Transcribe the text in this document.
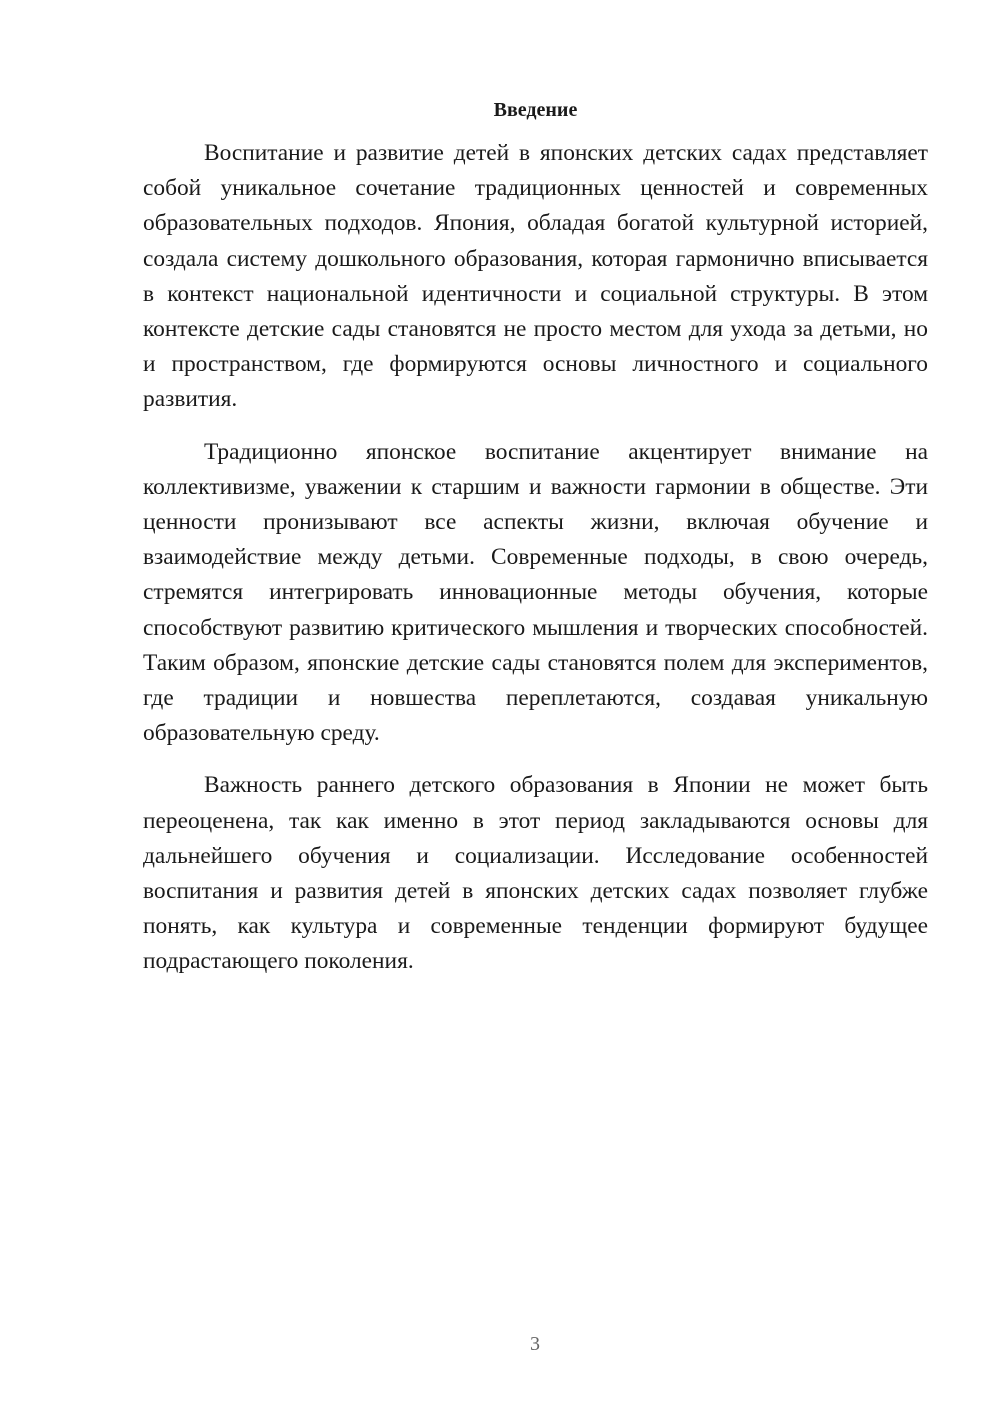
Введение

Воспитание и развитие детей в японских детских садах представляет собой уникальное сочетание традиционных ценностей и современных образовательных подходов. Япония, обладая богатой культурной историей, создала систему дошкольного образования, которая гармонично вписывается в контекст национальной идентичности и социальной структуры. В этом контексте детские сады становятся не просто местом для ухода за детьми, но и пространством, где формируются основы личностного и социального развития.

Традиционно японское воспитание акцентирует внимание на коллективизме, уважении к старшим и важности гармонии в обществе. Эти ценности пронизывают все аспекты жизни, включая обучение и взаимодействие между детьми. Современные подходы, в свою очередь, стремятся интегрировать инновационные методы обучения, которые способствуют развитию критического мышления и творческих способностей. Таким образом, японские детские сады становятся полем для экспериментов, где традиции и новшества переплетаются, создавая уникальную образовательную среду.

Важность раннего детского образования в Японии не может быть переоценена, так как именно в этот период закладываются основы для дальнейшего обучения и социализации. Исследование особенностей воспитания и развития детей в японских детских садах позволяет глубже понять, как культура и современные тенденции формируют будущее подрастающего поколения.

3
